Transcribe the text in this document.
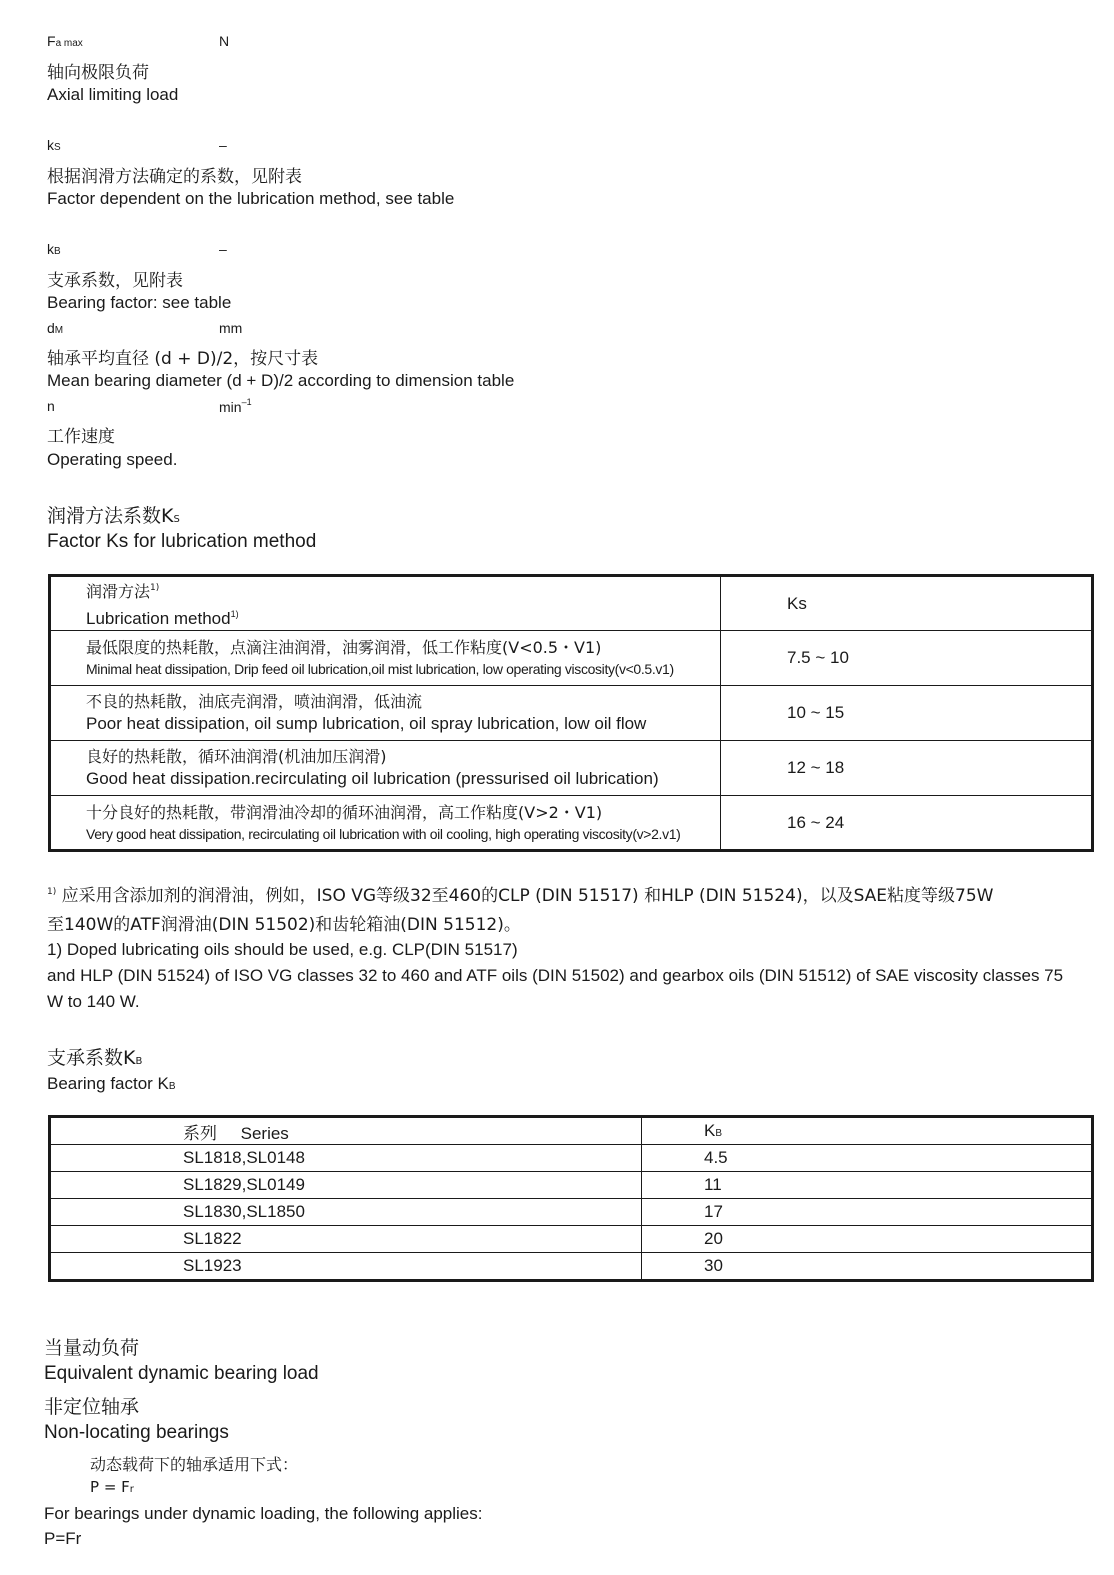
Fa max	N
轴向极限负荷
Axial limiting load
kS	–
根据润滑方法确定的系数，见附表
Factor dependent on the lubrication method, see table
kB	–
支承系数，见附表
Bearing factor: see table
dM	mm
轴承平均直径 (d + D)/2，按尺寸表
Mean bearing diameter (d + D)/2 according to dimension table
n	$\min^{-1}$
工作速度
Operating speed.
润滑方法系数KS
Factor Ks for lubrication method
润滑方法$^{1)}$
Lubrication method$^{1)}$	Ks

最低限度的热耗散，点滴注油润滑，油雾润滑，低工作粘度(V<0.5・V1)
Minimal heat dissipation, Drip feed oil lubrication,oil mist lubrication, low operating viscosity(v<0.5.v1)	7.5 ~ 10

不良的热耗散，油底壳润滑，喷油润滑，低油流
Poor heat dissipation, oil sump lubrication, oil spray lubrication, low oil flow	10 ~ 15

良好的热耗散，循环油润滑(机油加压润滑)
Good heat dissipation.recirculating oil lubrication (pressurised oil lubrication)	12 ~ 18

十分良好的热耗散，带润滑油冷却的循环油润滑，高工作粘度(V>2・V1)
Very good heat dissipation, recirculating oil lubrication with oil cooling, high operating viscosity(v>2.v1)	16 ~ 24
$^{1)}$ 应采用含添加剂的润滑油，例如，ISO VG等级32至460的CLP (DIN 51517) 和HLP (DIN 51524)，以及SAE粘度等级75W
至140W的ATF润滑油(DIN 51502)和齿轮箱油(DIN 51512)。
1) Doped lubricating oils should be used, e.g. CLP(DIN 51517)
and HLP (DIN 51524) of ISO VG classes 32 to 460 and ATF oils (DIN 51502) and gearbox oils (DIN 51512) of SAE viscosity classes 75
W to 140 W.
支承系数KB
Bearing factor KB
系列 Series	KB
SL1818,SL0148	4.5
SL1829,SL0149	11
SL1830,SL1850	17
SL1822	20
SL1923	30
当量动负荷
Equivalent dynamic bearing load
非定位轴承
Non-locating bearings
动态载荷下的轴承适用下式：
P = Fr
For bearings under dynamic loading, the following applies:
P=Fr
